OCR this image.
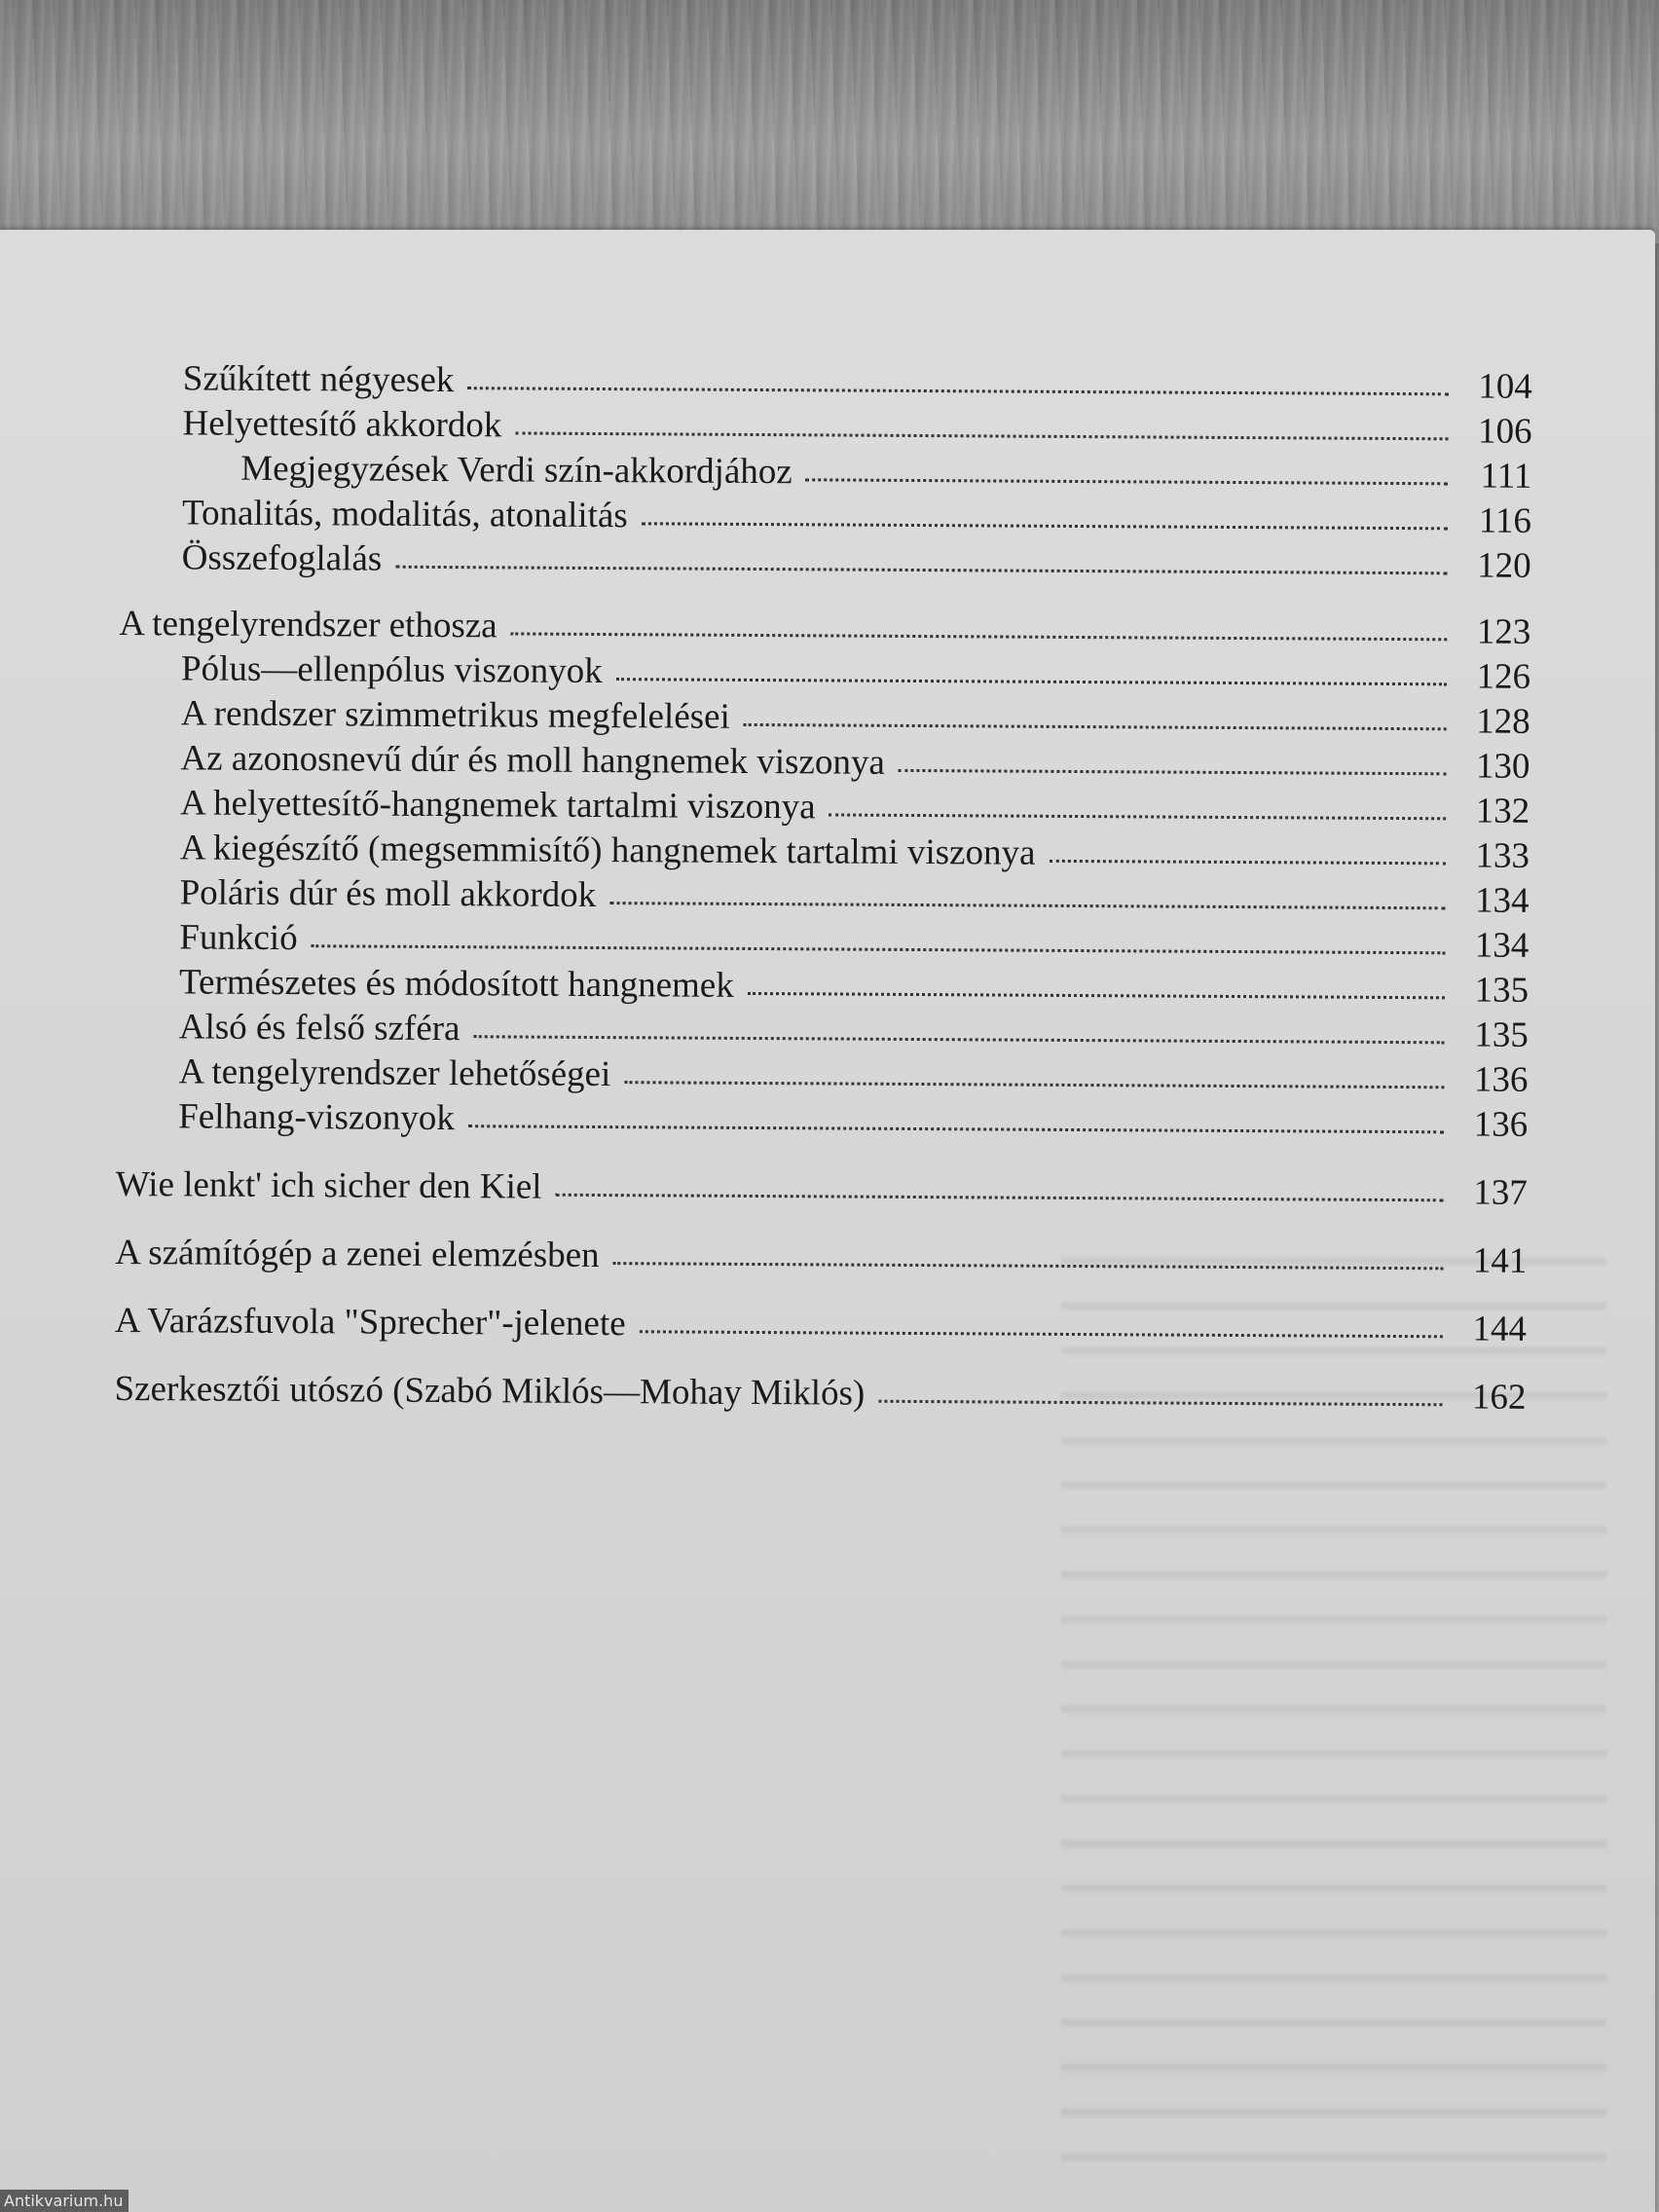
Szűkített négyesek	104
Helyettesítő akkordok	106
Megjegyzések Verdi szín-akkordjához	111
Tonalitás, modalitás, atonalitás	116
Összefoglalás	120
A tengelyrendszer ethosza	123
Pólus—ellenpólus viszonyok	126
A rendszer szimmetrikus megfelelései	128
Az azonosnevű dúr és moll hangnemek viszonya	130
A helyettesítő-hangnemek tartalmi viszonya	132
A kiegészítő (megsemmisítő) hangnemek tartalmi viszonya	133
Poláris dúr és moll akkordok	134
Funkció	134
Természetes és módosított hangnemek	135
Alsó és felső szféra	135
A tengelyrendszer lehetőségei	136
Felhang-viszonyok	136
Wie lenkt' ich sicher den Kiel	137
A számítógép a zenei elemzésben	141
A Varázsfuvola "Sprecher"-jelenete	144
Szerkesztői utószó (Szabó Miklós—Mohay Miklós)	162
Antikvarium.hu
